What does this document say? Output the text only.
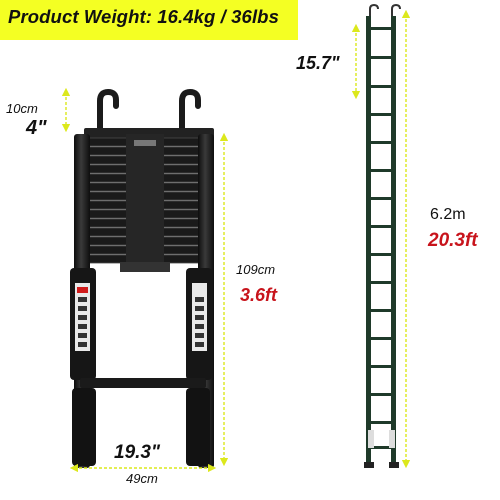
Product Weight: 16.4kg / 36lbs
10cm
4"
109cm
3.6ft
19.3"
49cm
15.7"
6.2m
20.3ft
